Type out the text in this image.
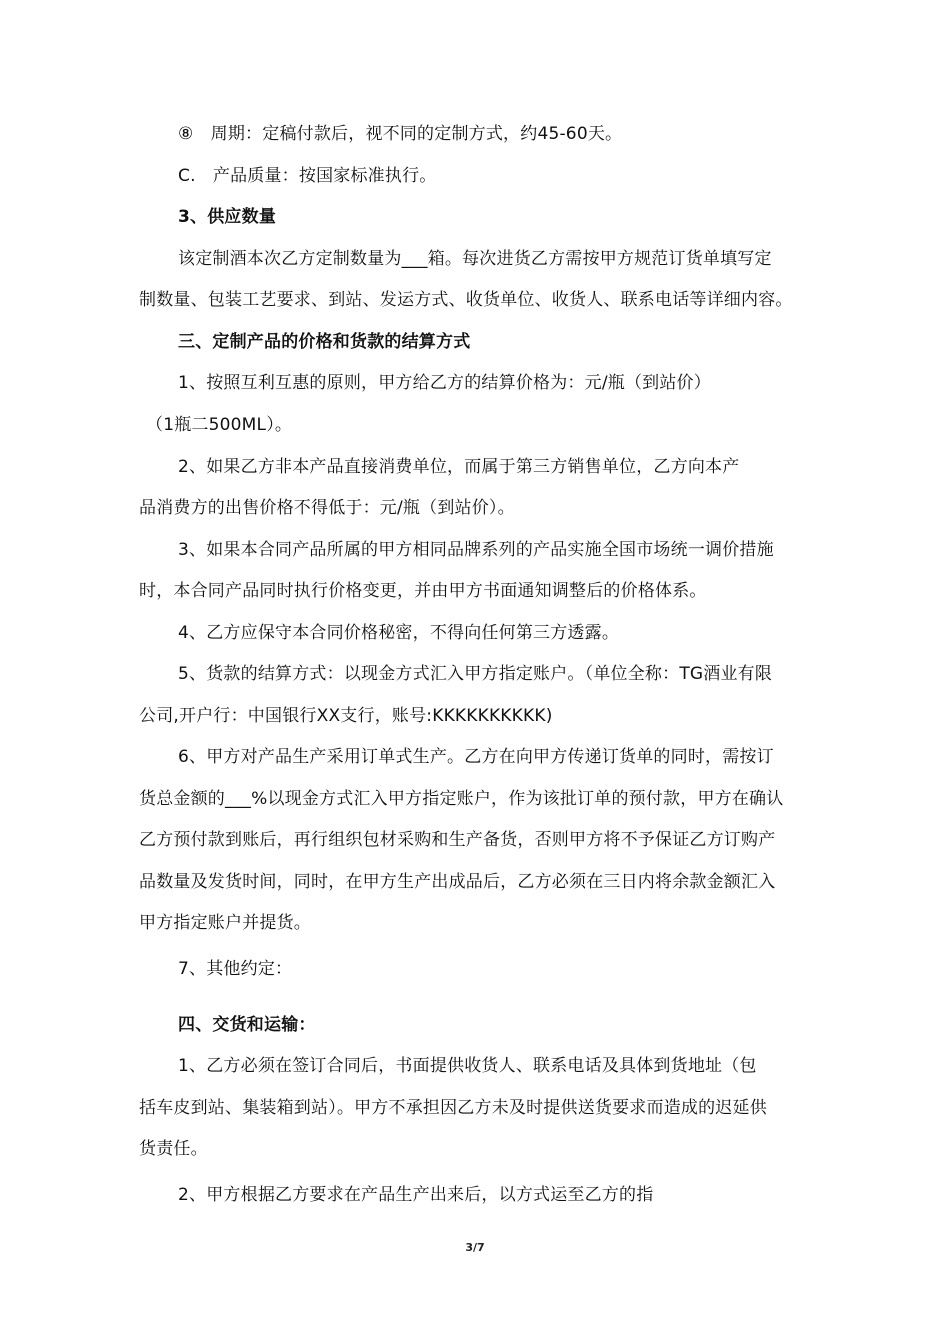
⑧　周期：定稿付款后，视不同的定制方式，约45-60天。
C.　产品质量：按国家标准执行。
3、供应数量
该定制酒本次乙方定制数量为___箱。每次进货乙方需按甲方规范订货单填写定
制数量、包装工艺要求、到站、发运方式、收货单位、收货人、联系电话等详细内容。
三、定制产品的价格和货款的结算方式
1、按照互利互惠的原则，甲方给乙方的结算价格为：元/瓶（到站价）
（1瓶二500ML）。
2、如果乙方非本产品直接消费单位，而属于第三方销售单位，乙方向本产
品消费方的出售价格不得低于：元/瓶（到站价）。
3、如果本合同产品所属的甲方相同品牌系列的产品实施全国市场统一调价措施
时，本合同产品同时执行价格变更，并由甲方书面通知调整后的价格体系。
4、乙方应保守本合同价格秘密，不得向任何第三方透露。
5、货款的结算方式：以现金方式汇入甲方指定账户。（单位全称：TG酒业有限
公司,开户行：中国银行XX支行，账号:KKKKKKKKKK)
6、甲方对产品生产采用订单式生产。乙方在向甲方传递订货单的同时，需按订
货总金额的___%以现金方式汇入甲方指定账户，作为该批订单的预付款，甲方在确认
乙方预付款到账后，再行组织包材采购和生产备货，否则甲方将不予保证乙方订购产
品数量及发货时间，同时，在甲方生产出成品后，乙方必须在三日内将余款金额汇入
甲方指定账户并提货。
7、其他约定：
四、交货和运输：
1、乙方必须在签订合同后，书面提供收货人、联系电话及具体到货地址（包
括车皮到站、集装箱到站）。甲方不承担因乙方未及时提供送货要求而造成的迟延供
货责任。
2、甲方根据乙方要求在产品生产出来后，以方式运至乙方的指
3/7
